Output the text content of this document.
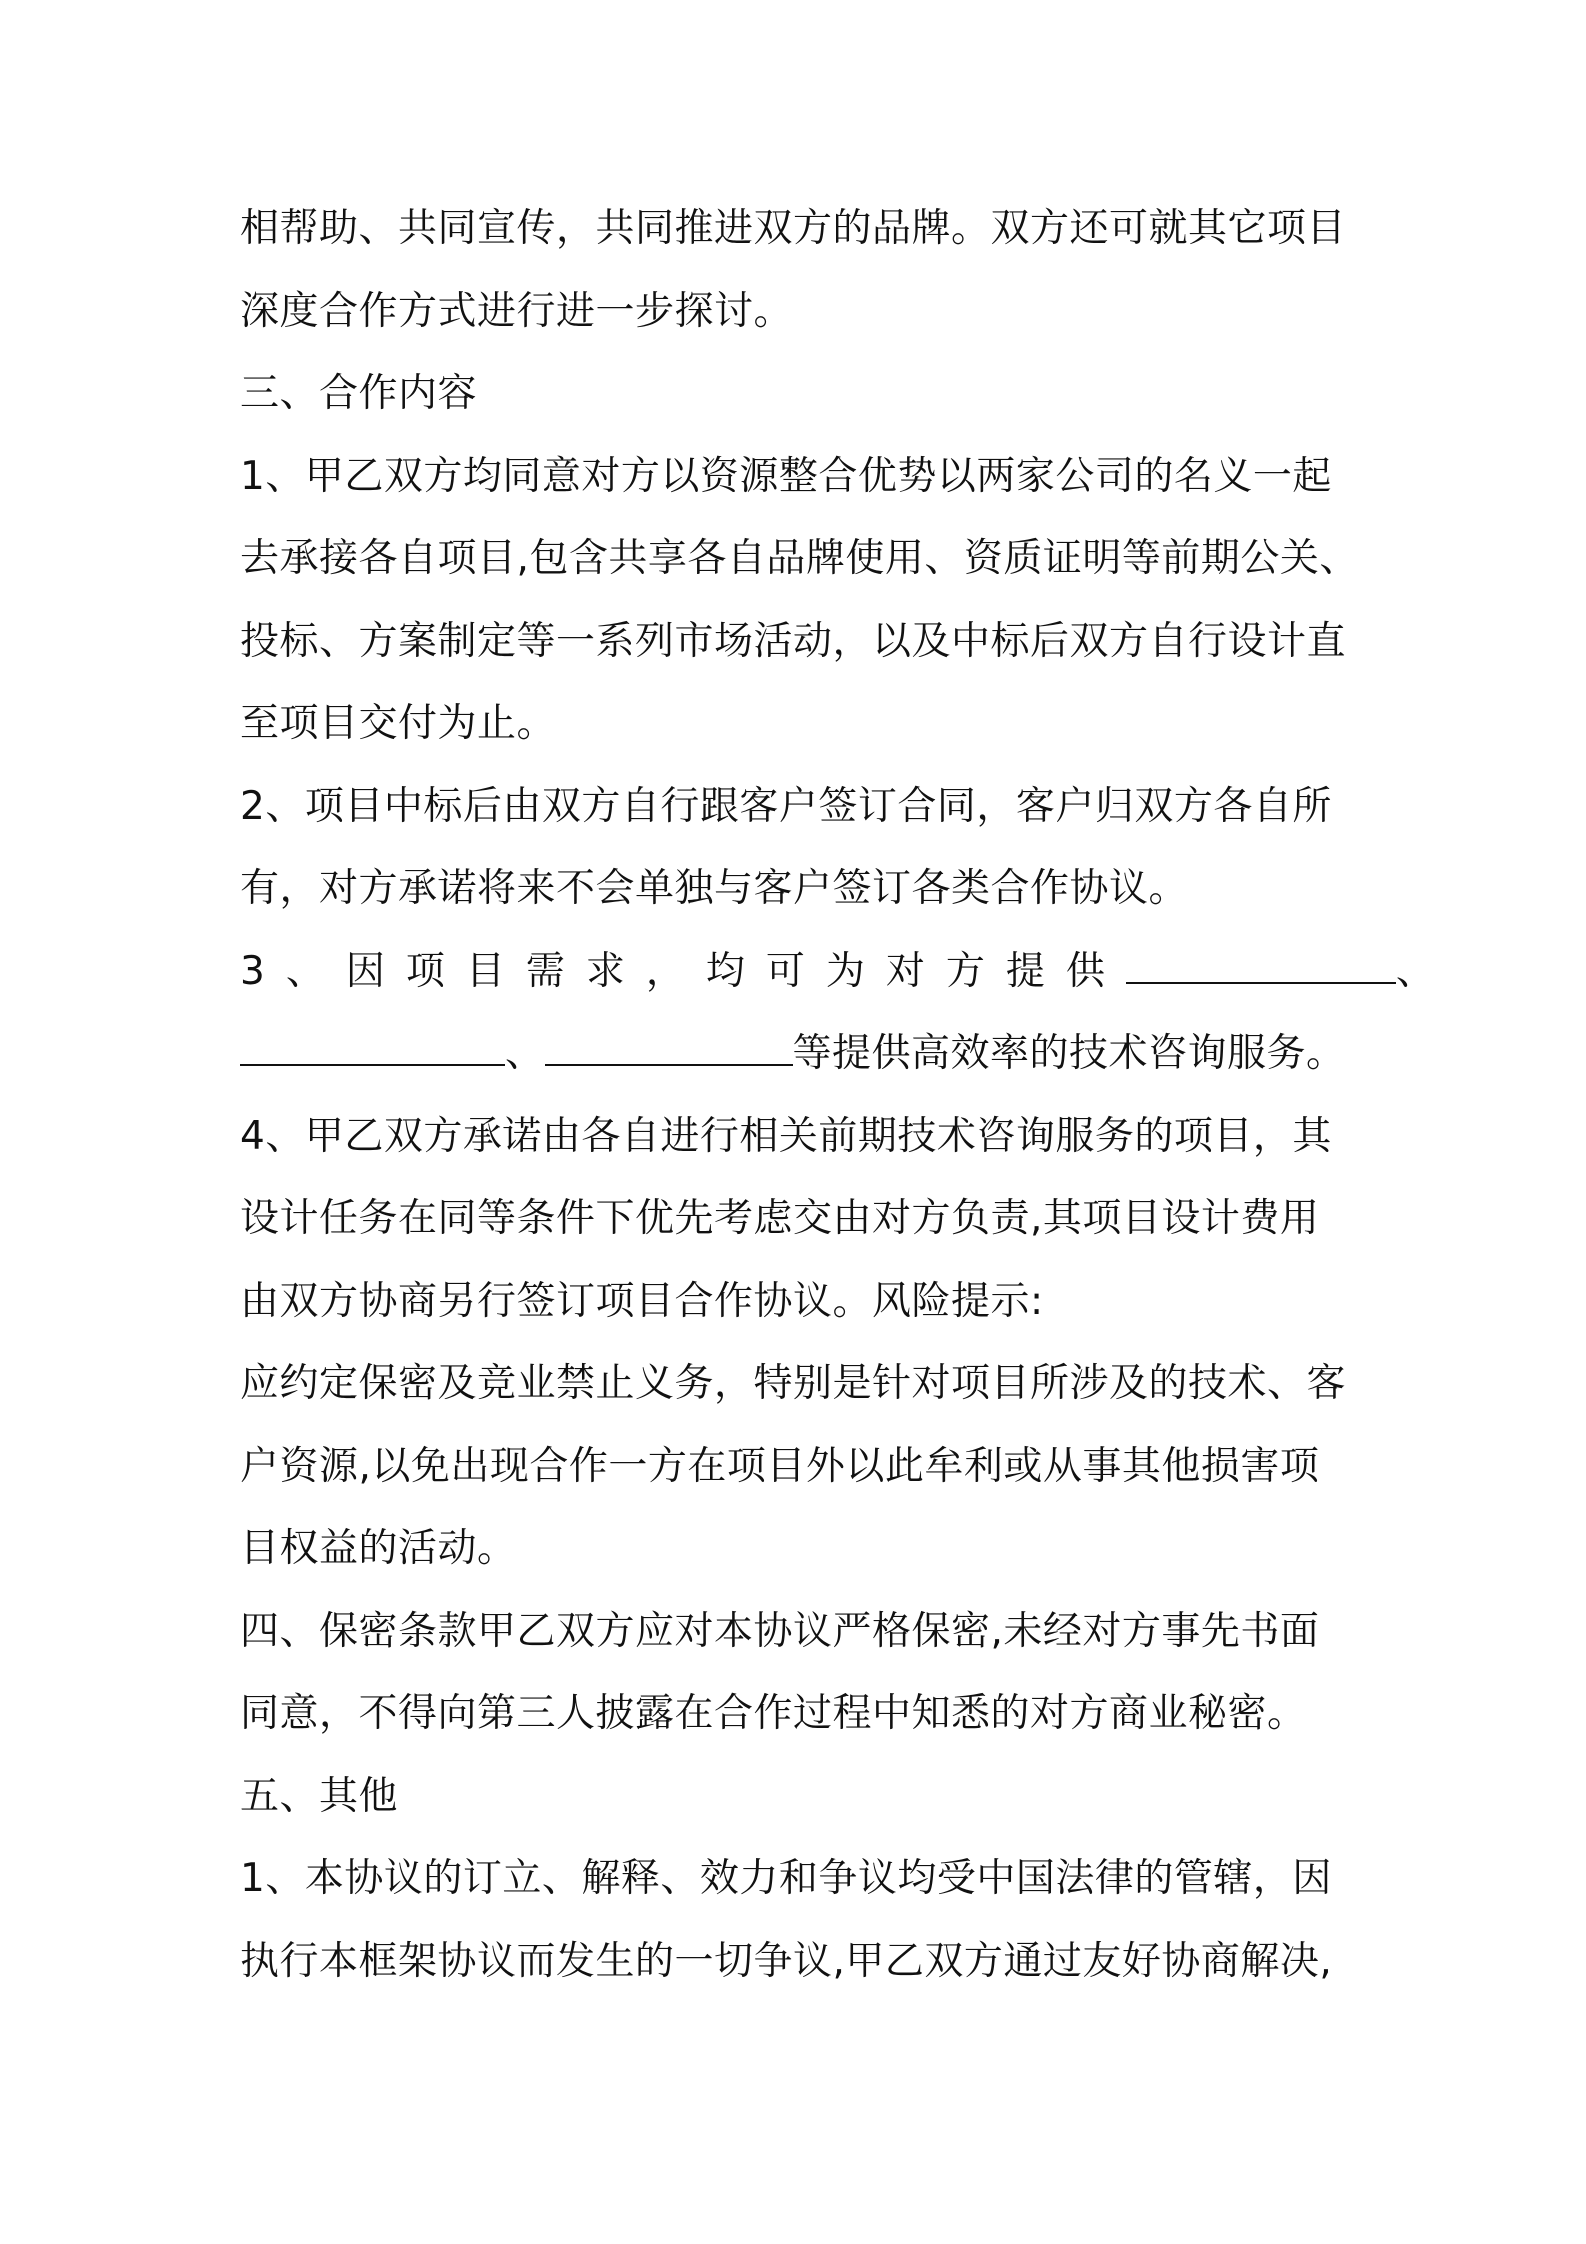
相帮助、共同宣传，共同推进双方的品牌。双方还可就其它项目
深度合作方式进行进一步探讨。
三、合作内容
1、甲乙双方均同意对方以资源整合优势以两家公司的名义一起
去承接各自项目,包含共享各自品牌使用、资质证明等前期公关、
投标、方案制定等一系列市场活动，以及中标后双方自行设计直
至项目交付为止。
2、项目中标后由双方自行跟客户签订合同，客户归双方各自所
有，对方承诺将来不会单独与客户签订各类合作协议。
3、因项目需求，均可为对方提供	、
、	等提供高效率的技术咨询服务。
4、甲乙双方承诺由各自进行相关前期技术咨询服务的项目，其
设计任务在同等条件下优先考虑交由对方负责,其项目设计费用
由双方协商另行签订项目合作协议。风险提示:
应约定保密及竞业禁止义务，特别是针对项目所涉及的技术、客
户资源,以免出现合作一方在项目外以此牟利或从事其他损害项
目权益的活动。
四、保密条款甲乙双方应对本协议严格保密,未经对方事先书面
同意，不得向第三人披露在合作过程中知悉的对方商业秘密。
五、其他
1、本协议的订立、解释、效力和争议均受中国法律的管辖，因
执行本框架协议而发生的一切争议,甲乙双方通过友好协商解决,
